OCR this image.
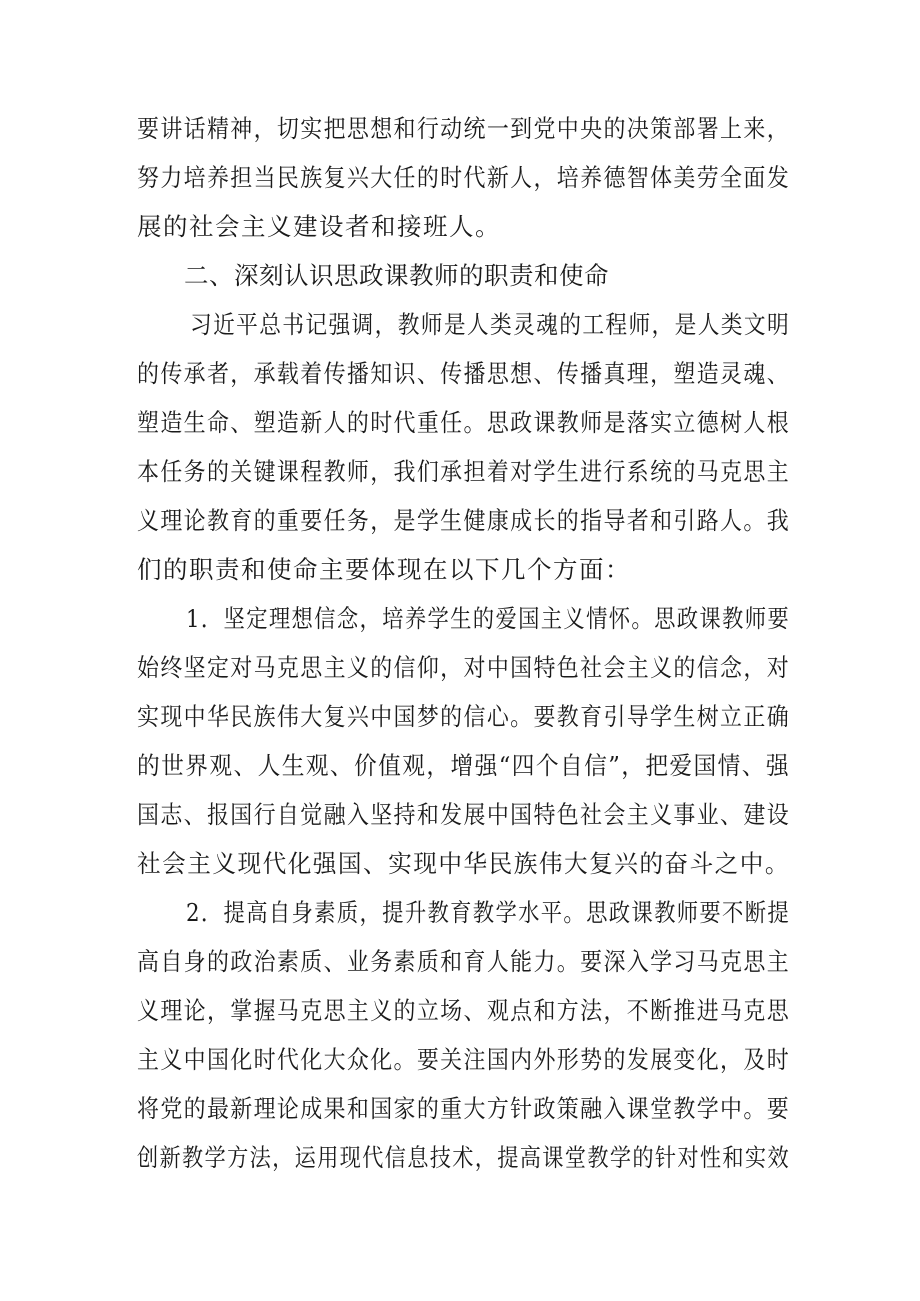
要讲话精神，切实把思想和行动统一到党中央的决策部署上来，
努力培养担当民族复兴大任的时代新人，培养德智体美劳全面发
展的社会主义建设者和接班人。
二、深刻认识思政课教师的职责和使命
习近平总书记强调，教师是人类灵魂的工程师，是人类文明
的传承者，承载着传播知识、传播思想、传播真理，塑造灵魂、
塑造生命、塑造新人的时代重任。思政课教师是落实立德树人根
本任务的关键课程教师，我们承担着对学生进行系统的马克思主
义理论教育的重要任务，是学生健康成长的指导者和引路人。我
们的职责和使命主要体现在以下几个方面：
1．坚定理想信念，培养学生的爱国主义情怀。思政课教师要
始终坚定对马克思主义的信仰，对中国特色社会主义的信念，对
实现中华民族伟大复兴中国梦的信心。要教育引导学生树立正确
的世界观、人生观、价值观，增强“四个自信”，把爱国情、强
国志、报国行自觉融入坚持和发展中国特色社会主义事业、建设
社会主义现代化强国、实现中华民族伟大复兴的奋斗之中。
2．提高自身素质，提升教育教学水平。思政课教师要不断提
高自身的政治素质、业务素质和育人能力。要深入学习马克思主
义理论，掌握马克思主义的立场、观点和方法，不断推进马克思
主义中国化时代化大众化。要关注国内外形势的发展变化，及时
将党的最新理论成果和国家的重大方针政策融入课堂教学中。要
创新教学方法，运用现代信息技术，提高课堂教学的针对性和实效
